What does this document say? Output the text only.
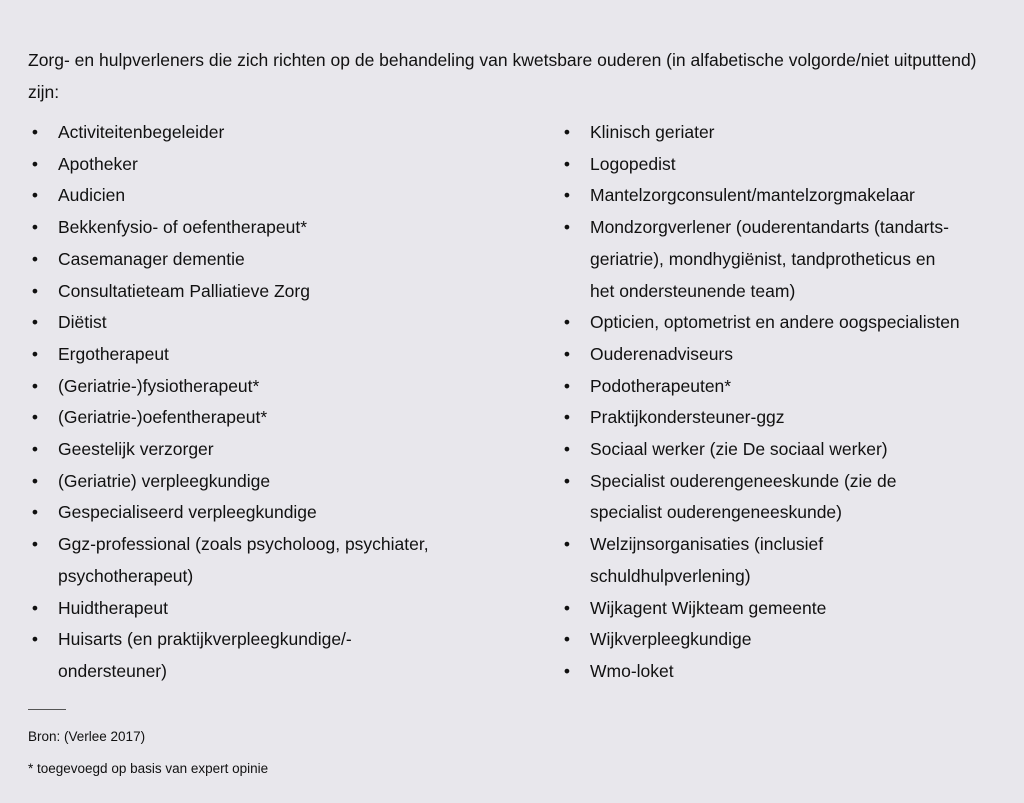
Zorg- en hulpverleners die zich richten op de behandeling van kwetsbare ouderen (in alfabetische volgorde/niet uitputtend) zijn:

• Activiteitenbegeleider
• Apotheker
• Audicien
• Bekkenfysio- of oefentherapeut*
• Casemanager dementie
• Consultatieteam Palliatieve Zorg
• Diëtist
• Ergotherapeut
• (Geriatrie-)fysiotherapeut*
• (Geriatrie-)oefentherapeut*
• Geestelijk verzorger
• (Geriatrie) verpleegkundige
• Gespecialiseerd verpleegkundige
• Ggz-professional (zoals psycholoog, psychiater,
psychotherapeut)
• Huidtherapeut
• Huisarts (en praktijkverpleegkundige/-
ondersteuner)
• Klinisch geriater
• Logopedist
• Mantelzorgconsulent/mantelzorgmakelaar
• Mondzorgverlener (ouderentandarts (tandarts-
geriatrie), mondhygiënist, tandprotheticus en
het ondersteunende team)
• Opticien, optometrist en andere oogspecialisten
• Ouderenadviseurs
• Podotherapeuten*
• Praktijkondersteuner-ggz
• Sociaal werker (zie De sociaal werker)
• Specialist ouderengeneeskunde (zie de
specialist ouderengeneeskunde)
• Welzijnsorganisaties (inclusief
schuldhulpverlening)
• Wijkagent Wijkteam gemeente
• Wijkverpleegkundige
• Wmo-loket
Bron: (Verlee 2017)
* toegevoegd op basis van expert opinie
